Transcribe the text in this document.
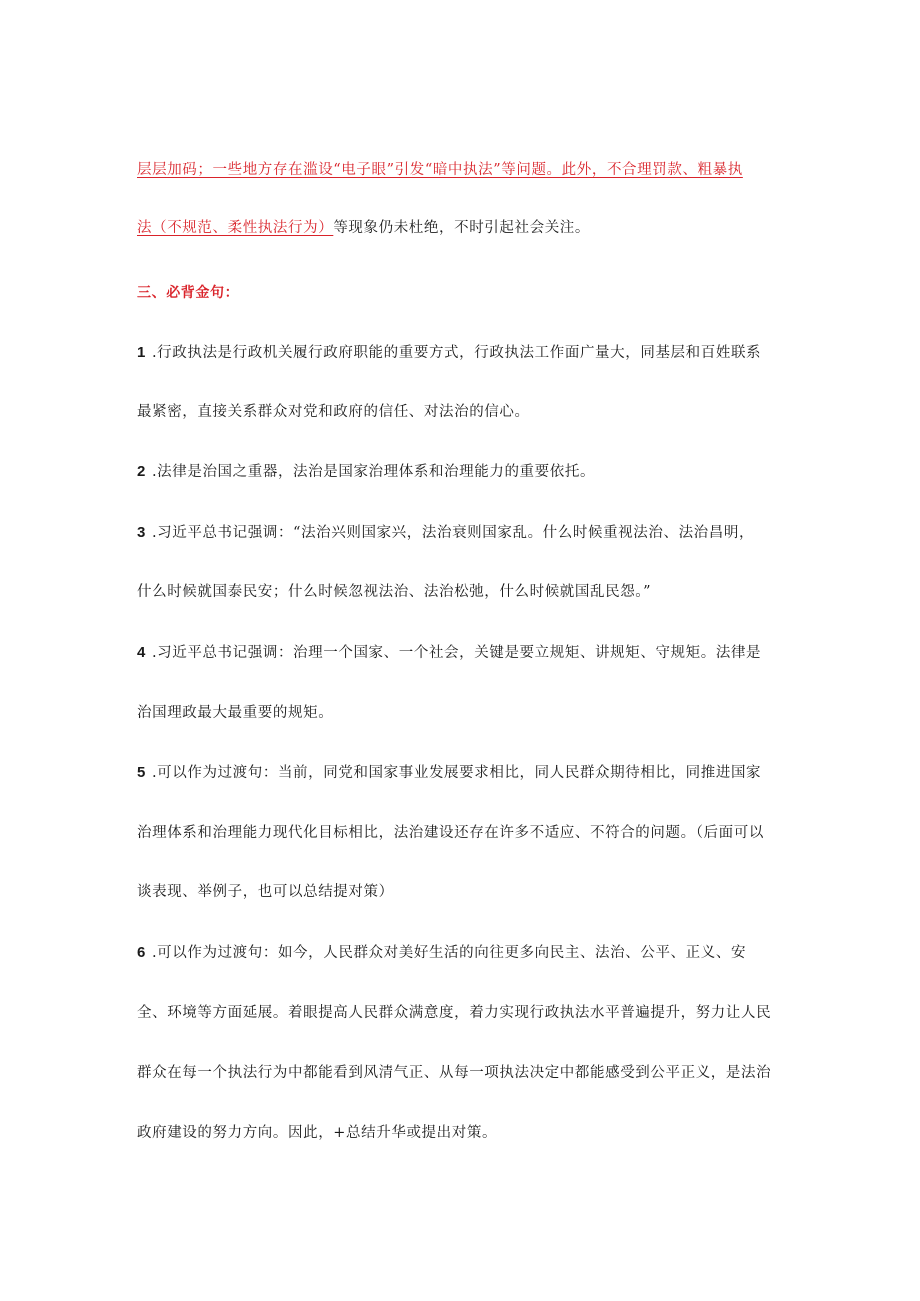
层层加码；一些地方存在滥设“电子眼”引发“暗中执法”等问题。此外，不合理罚款、粗暴执
法（不规范、柔性执法行为）等现象仍未杜绝，不时引起社会关注。
三、必背金句：
1 .行政执法是行政机关履行政府职能的重要方式，行政执法工作面广量大，同基层和百姓联系
最紧密，直接关系群众对党和政府的信任、对法治的信心。
2 .法律是治国之重器，法治是国家治理体系和治理能力的重要依托。
3 .习近平总书记强调：“法治兴则国家兴，法治衰则国家乱。什么时候重视法治、法治昌明，
什么时候就国泰民安；什么时候忽视法治、法治松弛，什么时候就国乱民怨。”
4 .习近平总书记强调：治理一个国家、一个社会，关键是要立规矩、讲规矩、守规矩。法律是
治国理政最大最重要的规矩。
5 .可以作为过渡句：当前，同党和国家事业发展要求相比，同人民群众期待相比，同推进国家
治理体系和治理能力现代化目标相比，法治建设还存在许多不适应、不符合的问题。（后面可以
谈表现、举例子，也可以总结提对策）
6 .可以作为过渡句：如今，人民群众对美好生活的向往更多向民主、法治、公平、正义、安
全、环境等方面延展。着眼提高人民群众满意度，着力实现行政执法水平普遍提升，努力让人民
群众在每一个执法行为中都能看到风清气正、从每一项执法决定中都能感受到公平正义，是法治
政府建设的努力方向。因此，+总结升华或提出对策。
